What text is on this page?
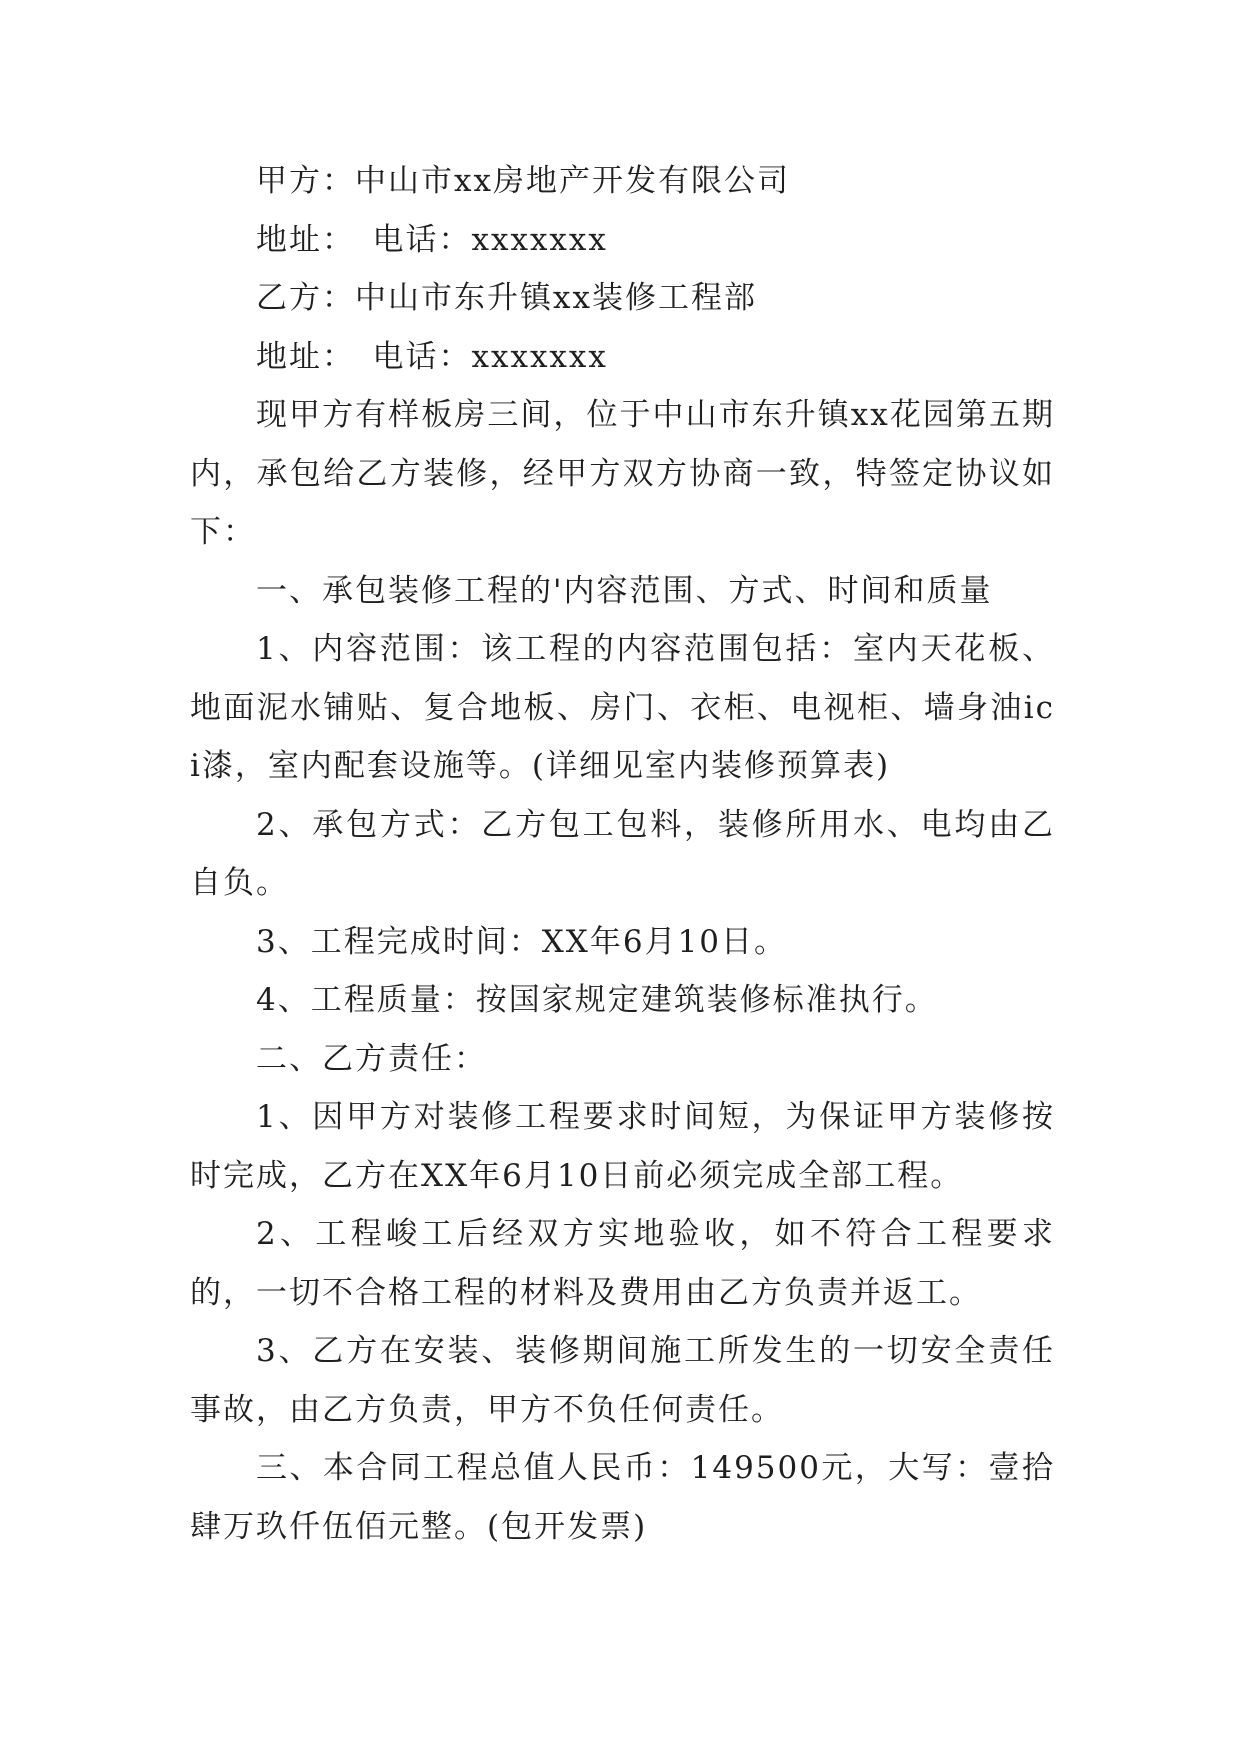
甲方：中山市xx房地产开发有限公司

地址：　电话：xxxxxxx

乙方：中山市东升镇xx装修工程部

地址：　电话：xxxxxxx

现甲方有样板房三间，位于中山市东升镇xx花园第五期内，承包给乙方装修，经甲方双方协商一致，特签定协议如下：

一、承包装修工程的'内容范围、方式、时间和质量

1、内容范围：该工程的内容范围包括：室内天花板、地面泥水铺贴、复合地板、房门、衣柜、电视柜、墙身油ici漆，室内配套设施等。(详细见室内装修预算表)

2、承包方式：乙方包工包料，装修所用水、电均由乙自负。

3、工程完成时间：XX年6月10日。

4、工程质量：按国家规定建筑装修标准执行。

二、乙方责任：

1、因甲方对装修工程要求时间短，为保证甲方装修按时完成，乙方在XX年6月10日前必须完成全部工程。

2、工程峻工后经双方实地验收，如不符合工程要求的，一切不合格工程的材料及费用由乙方负责并返工。

3、乙方在安装、装修期间施工所发生的一切安全责任事故，由乙方负责，甲方不负任何责任。

三、本合同工程总值人民币：149500元，大写：壹拾肆万玖仟伍佰元整。(包开发票)
